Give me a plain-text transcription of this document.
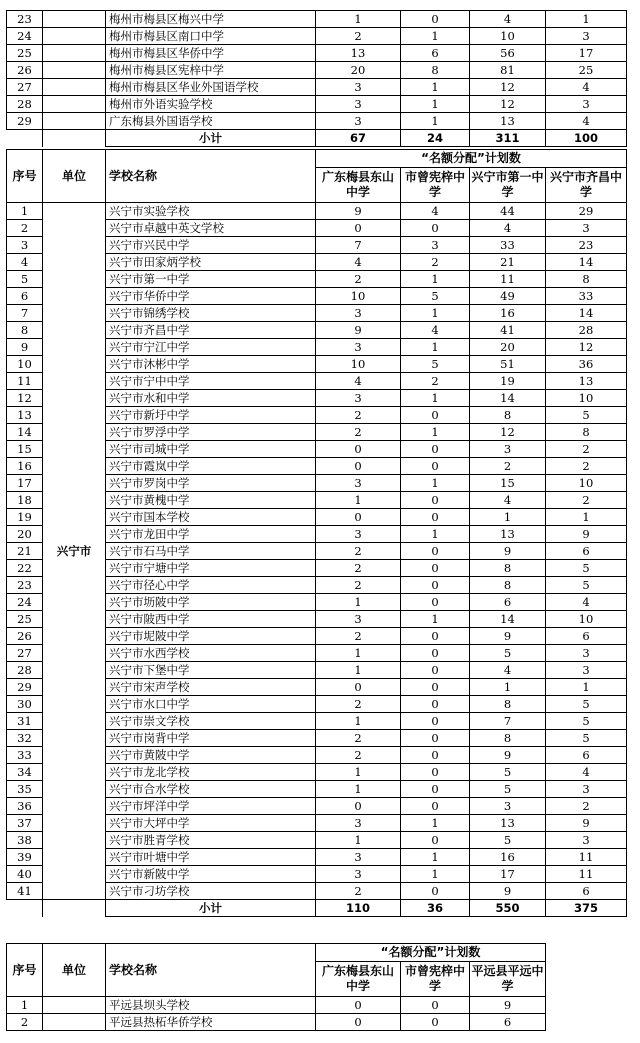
23		梅州市梅县区梅兴中学	1	0	4	1
24		梅州市梅县区南口中学	2	1	10	3
25		梅州市梅县区华侨中学	13	6	56	17
26		梅州市梅县区宪梓中学	20	8	81	25
27		梅州市梅县区华业外国语学校	3	1	12	4
28		梅州市外语实验学校	3	1	12	3
29		广东梅县外国语学校	3	1	13	4
		小计	67	24	311	100
序号	单位	学校名称	“名额分配”计划数			
			广东梅县东山中学	市曾宪梓中学	兴宁市第一中学	兴宁市齐昌中学
1	兴宁市	兴宁市实验学校	9	4	44	29
2		兴宁市卓越中英文学校	0	0	4	3
3		兴宁市兴民中学	7	3	33	23
4		兴宁市田家炳学校	4	2	21	14
5		兴宁市第一中学	2	1	11	8
6		兴宁市华侨中学	10	5	49	33
7		兴宁市锦绣学校	3	1	16	14
8		兴宁市齐昌中学	9	4	41	28
9		兴宁市宁江中学	3	1	20	12
10		兴宁市沐彬中学	10	5	51	36
11		兴宁市宁中中学	4	2	19	13
12		兴宁市水和中学	3	1	14	10
13		兴宁市新圩中学	2	0	8	5
14		兴宁市罗浮中学	2	1	12	8
15		兴宁市司城中学	0	0	3	2
16		兴宁市霞岚中学	0	0	2	2
17		兴宁市罗岗中学	3	1	15	10
18		兴宁市黄槐中学	1	0	4	2
19		兴宁市国本学校	0	0	1	1
20		兴宁市龙田中学	3	1	13	9
21		兴宁市石马中学	2	0	9	6
22		兴宁市宁塘中学	2	0	8	5
23		兴宁市径心中学	2	0	8	5
24		兴宁市坜陂中学	1	0	6	4
25		兴宁市陂西中学	3	1	14	10
26		兴宁市坭陂中学	2	0	9	6
27		兴宁市水西学校	1	0	5	3
28		兴宁市下堡中学	1	0	4	3
29		兴宁市宋声学校	0	0	1	1
30		兴宁市水口中学	2	0	8	5
31		兴宁市崇文学校	1	0	7	5
32		兴宁市岗背中学	2	0	8	5
33		兴宁市黄陂中学	2	0	9	6
34		兴宁市龙北学校	1	0	5	4
35		兴宁市合水学校	1	0	5	3
36		兴宁市坪洋中学	0	0	3	2
37		兴宁市大坪中学	3	1	13	9
38		兴宁市胜青学校	1	0	5	3
39		兴宁市叶塘中学	3	1	16	11
40		兴宁市新陂中学	3	1	17	11
41		兴宁市刁坊学校	2	0	9	6
		小计	110	36	550	375
序号	单位	学校名称	“名额分配”计划数		
			广东梅县东山中学	市曾宪梓中学	平远县平远中学
1		平远县坝头学校	0	0	9
2		平远县热柘华侨学校	0	0	6
